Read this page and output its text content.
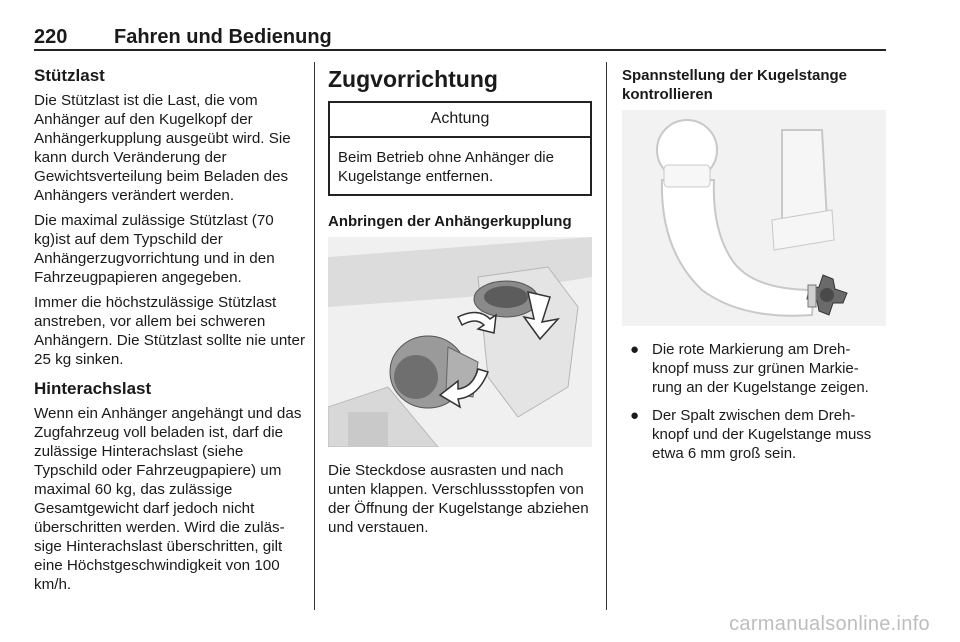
220 Fahren und Bedienung
Stützlast

Die Stützlast ist die Last, die vom Anhänger auf den Kugelkopf der Anhängerkupplung ausgeübt wird. Sie kann durch Veränderung der Gewichtsverteilung beim Beladen des Anhängers verändert werden.

Die maximal zulässige Stützlast (70 kg)ist auf dem Typschild der Anhängerzugvorrichtung und in den Fahrzeugpapieren angegeben.

Immer die höchstzulässige Stützlast anstreben, vor allem bei schweren Anhängern. Die Stützlast sollte nie unter 25 kg sinken.

Hinterachslast

Wenn ein Anhänger angehängt und das Zugfahrzeug voll beladen ist, darf die zulässige Hinterachslast (siehe Typschild oder Fahrzeugpapiere) um maximal 60 kg, das zulässige Gesamtgewicht darf jedoch nicht überschritten werden. Wird die zuläs‐ sige Hinterachslast überschritten, gilt eine Höchstgeschwindigkeit von 100 km/h.

Zugvorrichtung
Achtung
Beim Betrieb ohne Anhänger die Kugelstange entfernen.
Anbringen der Anhängerkupplung

Die Steckdose ausrasten und nach unten klappen. Verschlussstopfen von der Öffnung der Kugelstange abziehen und verstauen.

Spannstellung der Kugelstange kontrollieren
● Die rote Markierung am Dreh‐ knopf muss zur grünen Markie‐ rung an der Kugelstange zeigen.
● Der Spalt zwischen dem Dreh‐ knopf und der Kugelstange muss etwa 6 mm groß sein.
carmanualsonline.info
